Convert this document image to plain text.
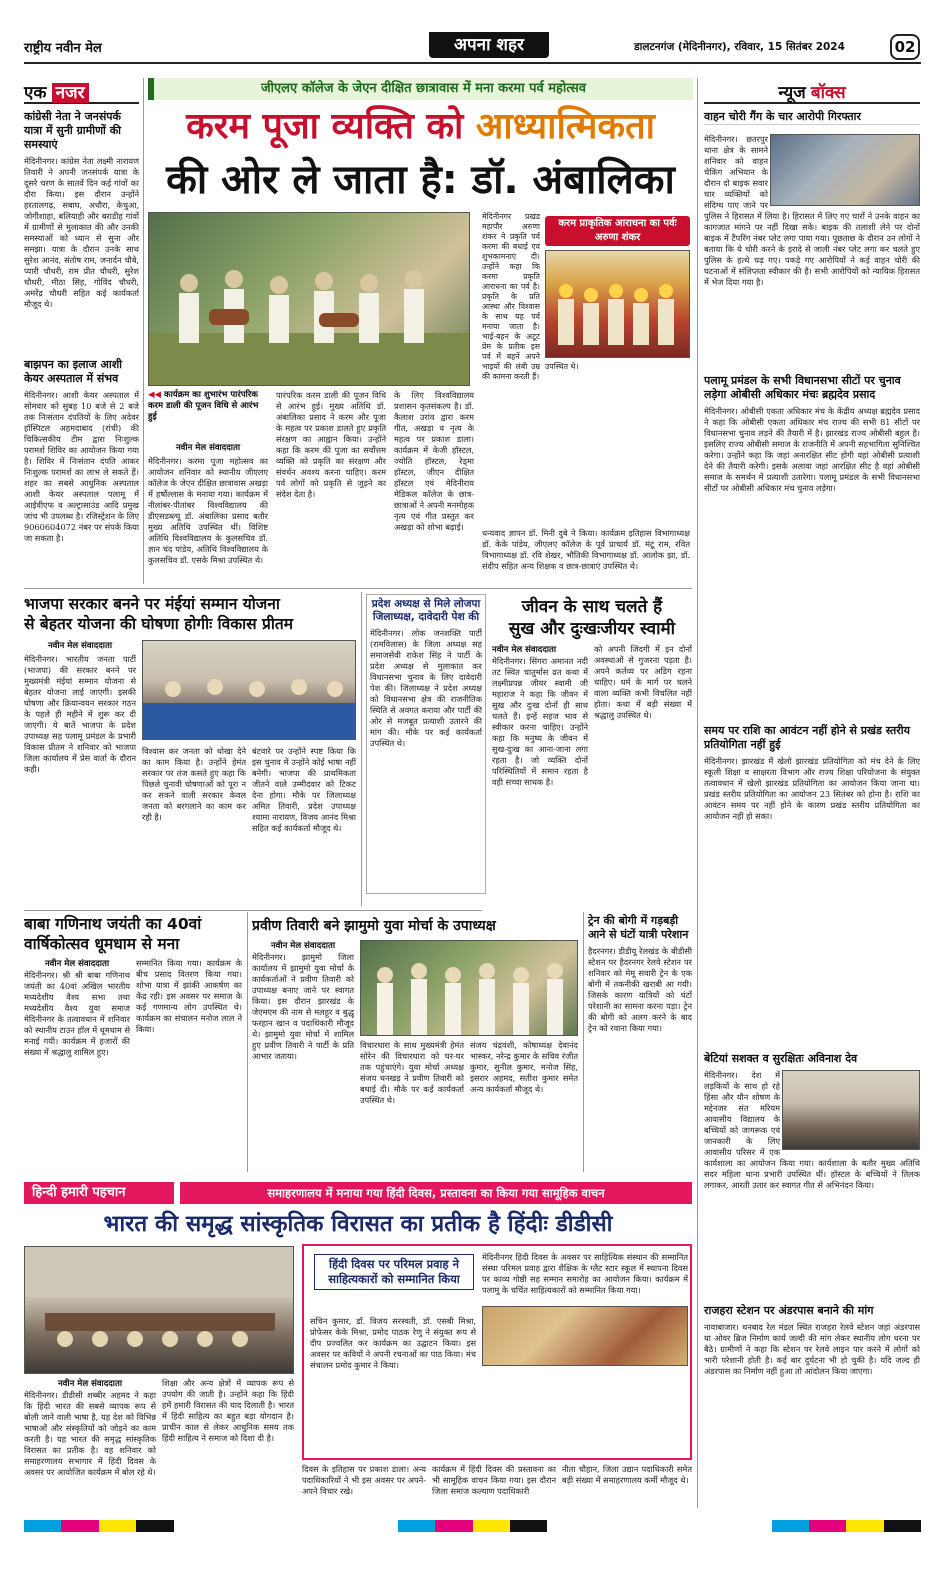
राष्ट्रीय नवीन मेल	अपना शहर	डालटनगंज (मेदिनीनगर), रविवार, 15 सितंबर 2024	02
एक नजर
कांग्रेसी नेता ने जनसंपर्क यात्रा में सुनी ग्रामीणों की समस्याएं
मेदिनीनगर। कांग्रेस नेता लक्ष्मी नारायण तिवारी ने अपनी जनसंपर्क यात्रा के दूसरे चरण के सातवें दिन कई गांवों का दौरा किया। इस दौरान उन्होंने हरतालगढ़, सबाघ, अधौरा, केचुआ, जोगीशाहा, बलियाही और बराडीह गांवों में ग्रामीणों से मुलाकात की और उनकी समस्याओं को ध्यान से सुना और समझा। यात्रा के दौरान उनके साथ सुरेश आनंद, संतोष राम, जनार्दन चौबे, प्यारी चौधरी, राम प्रीत चौधरी, सुरेश चौधरी, मीठा सिंह, गोविंद चौधरी, अमरेंद्र चौधरी सहित कई कार्यकर्ता मौजूद थे।
बाझपन का इलाज आशी केयर अस्पताल में संभव
मेदिनीनगर। आशी केयर अस्पताल में सोमवार को सुबह 10 बजे से 2 बजे तक निःसंतान दंपतियों के लिए अदेवर हॉस्पिटल अहमदाबाद (रांची) की चिकित्सकीय टीम द्वारा निःशुल्क परामर्श शिविर का आयोजन किया गया है। शिविर में निःसंतान दंपति आकर निःशुल्क परामर्श का लाभ ले सकते हैं। शहर का सबसे आधुनिक अस्पताल आशी केयर अस्पताल पलामू में आईवीएफ व अल्ट्रासाउंड आदि प्रमुख जांच भी उपलब्ध है। रजिस्ट्रेशन के लिए 9060604072 नंबर पर संपर्क किया जा सकता है।
जीएलए कॉलेज के जेएन दीक्षित छात्रावास में मना करमा पर्व महोत्सव
करम पूजा व्यक्ति को आध्यात्मिकता
की ओर ले जाता है: डॉ. अंबालिका
◀◀ कार्यक्रम का शुभारंभ पारंपरिक करम डाली की पूजन विधि से आरंभ हुई
नवीन मेल संवाददाता
मेदिनीनगर। करमा पूजा महोत्सव का आयोजन शनिवार को स्थानीय जीएलए कॉलेज के जेएन दीक्षित छात्रावास अखड़ा में हर्षोल्लास के मनाया गया। कार्यक्रम में नीलांबर-पीतांबर विश्वविद्यालय की डीएसडब्ल्यू डॉ. अंबालिका प्रसाद बतौर मुख्य अतिथि उपस्थित थीं। विशिष्ट अतिथि विश्वविद्यालय के कुलसचिव डॉ. ज्ञान चंद पांडेय, अतिथि विश्वविद्यालय के कुलसचिव डॉ. एसके मिश्रा उपस्थित थे।
पारंपरिक करम डाली की पूजन विधि से आरंभ हुई। मुख्य अतिथि डॉ. अंबालिका प्रसाद ने करम और पूजा के महत्व पर प्रकाश डालते हुए प्रकृति संरक्षण का आह्वान किया। उन्होंने कहा कि करम की पूजा का सर्वोत्तम व्यक्ति को प्रकृति का संरक्षण और संवर्धन अवश्य करना चाहिए। करम पर्व लोगों को प्रकृति से जुड़ने का संदेश देता है।
के लिए विश्वविद्यालय प्रशासन कृतसंकल्प है। डॉ. कैलाश उरांव द्वारा करम गीत, अखड़ा व नृत्य के महत्व पर प्रकाश डाला। कार्यक्रम में केजी हॉस्टल, ज्योति हॉस्टल, रेड्मा हॉस्टल, जीएन दीक्षित हॉस्टल एवं मेदिनीराय मेडिकल कॉलेज के छात्र-छात्राओं ने अपनी मनमोहक नृत्य एवं गीत प्रस्तुत कर अखड़ा को शोभा बढ़ाई।
मेदिनीनगर प्रखंड महापौर अरुणा शंकर ने प्रकृति पर्व करमा की बधाई एवं शुभकामनाएं दी। उन्होंने कहा कि करमा प्रकृति आराधना का पर्व है। प्रकृति के प्रति आस्था और विश्वास के साथ यह पर्व मनाया जाता है। भाई-बहन के अटूट प्रेम के प्रतीक इस पर्व में बहनें अपने भाइयों की लंबी उम्र की कामना करती हैं।
करम प्राकृतिक आराधना का पर्वः अरुणा शंकर
उपस्थित थे।
धन्यवाद ज्ञापन डॉ. मिनी दुबे ने किया। कार्यक्रम इतिहास विभागाध्यक्ष डॉ. केके पांडेय, जीएलए कॉलेज के पूर्व प्राचार्य डॉ. मंटू राम, रवित विभागाध्यक्ष डॉ. रवि शेखर, भौतिकी विभागाध्यक्ष डॉ. आलोक झा, डॉ. संदीप सहित अन्य शिक्षक व छात्र-छात्राएं उपस्थित थे।
न्यूज बॉक्स
वाहन चोरी गैंग के चार आरोपी गिरफ्तार
मेदिनीनगर। छतरपुर थाना क्षेत्र के सामने शनिवार को वाहन चेकिंग अभियान के दौरान दो बाइक सवार चार व्यक्तियों को संदिग्ध पाए जाने पर पुलिस ने हिरासत में लिया है। हिरासत में लिए गए चारों ने उनके वाहन का कागजात मांगने पर नहीं दिखा सके। बाइक की तलाशी लेने पर दोनों बाइक में टैंपरिंग नंबर प्लेट लगा पाया गया। पूछताछ के दौरान उन लोगों ने बताया कि ये चोरी करने के इरादे से जाली नंबर प्लेट लगा कर चलते हुए पुलिस के हत्थे चढ़ गए। पकड़े गए आरोपियों ने कई वाहन चोरी की घटनाओं में संलिप्तता स्वीकार की है। सभी आरोपियों को न्यायिक हिरासत में भेज दिया गया है।
पलामू प्रमंडल के सभी विधानसभा सीटों पर चुनाव लड़ेगा ओबीसी अधिकार मंचः ब्रह्मदेव प्रसाद
मेदिनीनगर। ओबीसी एकता अधिकार मंच के केंद्रीय अध्यक्ष ब्रह्मदेव प्रसाद ने कहा कि ओबीसी एकता अधिकार मंच राज्य की सभी 81 सीटों पर विधानसभा चुनाव लड़ने की तैयारी में है। झारखंड राज्य ओबीसी बहुल है। इसलिए राज्य ओबीसी समाज के राजनीति में अपनी सहभागिता सुनिश्चित करेगा। उन्होंने कहा कि जहां अनारक्षित सीट होगी वहां ओबीसी प्रत्याशी देने की तैयारी करेगी। इसके अलावा जहां आरक्षित सीट है वहां ओबीसी समाज के समर्थन में प्रत्याशी उतारेगा। पलामू प्रमंडल के सभी विधानसभा सीटों पर ओबीसी अधिकार मंच चुनाव लड़ेगा।
समय पर राशि का आवंटन नहीं होने से प्रखंड स्तरीय प्रतियोगिता नहीं हुई
मेदिनीनगर। झारखंड में खेलो झारखंड प्रतियोगिता को मंच देने के लिए स्कूली शिक्षा व साक्षरता विभाग और राज्य शिक्षा परियोजना के संयुक्त तत्वावधान में खेलो झारखंड प्रतियोगिता का आयोजन किया जाना था। प्रखंड स्तरीय प्रतियोगिता का आयोजन 23 सितंबर को होना है। राशि का आवंटन समय पर नहीं होने के कारण प्रखंड स्तरीय प्रतियोगिता का आयोजन नहीं हो सका।
बेटियां सशक्त व सुरक्षितः अविनाश देव
मेदिनीनगर। देश में लड़कियों के साथ हो रहे हिंसा और यौन शोषण के मद्देनजर संत मरियम आवासीय विद्यालय के बच्चियों को जागरूक एवं जानकारी के लिए आवासीय परिसर में एक कार्यशाला का आयोजन किया गया। कार्यशाला के बतौर मुख्य अतिथि सदर महिला थाना प्रभारी उपस्थित थीं। हॉस्टल के बच्चियों ने तिलक लगाकर, आरती उतार कर स्वागत गीत से अभिनंदन किया।
राजहरा स्टेशन पर अंडरपास बनाने की मांग
नावाबाजार। धनबाद रेल मंडल स्थित राजहरा रेलवे स्टेशन जहां अंडरपास या ओवर ब्रिज निर्माण कार्य जल्दी की मांग लेकर स्थानीय लोग धरना पर बैठे। ग्रामीणों ने कहा कि स्टेशन पर रेलवे लाइन पार करने में लोगों को भारी परेशानी होती है। कई बार दुर्घटना भी हो चुकी है। यदि जल्द ही अंडरपास का निर्माण नहीं हुआ तो आंदोलन किया जाएगा।
भाजपा सरकार बनने पर मंईयां सम्मान योजना
से बेहतर योजना की घोषणा होगीः विकास प्रीतम
नवीन मेल संवाददाता
मेदिनीनगर। भारतीय जनता पार्टी (भाजपा) की सरकार बनने पर मुख्यमंत्री मंईयां सम्मान योजना से बेहतर योजना लाई जाएगी। इसकी घोषणा और क्रियान्वयन सरकार गठन के पहले ही महीने में शुरू कर दी जाएगी। ये बातें भाजपा के प्रदेश उपाध्यक्ष सह पलामू प्रमंडल के प्रभारी विकास प्रीतम ने शनिवार को भाजपा जिला कार्यालय में प्रेस वार्ता के दौरान कही।
विश्वास कर जनता को धोखा देने का काम किया है। उन्होंने हेमंत सरकार पर तंज कसते हुए कहा कि पिछले चुनावी घोषणाओं को पूरा न कर सकने वाली सरकार केवल जनता को बरगलाने का काम कर रही है।
बंटवारे पर उन्होंने स्पष्ट किया कि इस चुनाव में उन्होंने कोई भाषा नहीं बनेगी। भाजपा की प्राथमिकता जीतने वाले उम्मीदवार को टिकट देना होगा। मौके पर जिलाध्यक्ष अमित तिवारी, प्रदेश उपाध्यक्ष श्यामा नारायण, विजय आनंद मिश्रा सहित कई कार्यकर्ता मौजूद थे।
प्रदेश अध्यक्ष से मिले लोजपा जिलाध्यक्ष, दावेदारी पेश की
मेदिनीनगर। लोक जनशक्ति पार्टी (रामविलास) के जिला अध्यक्ष सह समाजसेवी राकेश सिंह ने पार्टी के प्रदेश अध्यक्ष से मुलाकात कर विधानसभा चुनाव के लिए दावेदारी पेश की। जिलाध्यक्ष ने प्रदेश अध्यक्ष को विधानसभा क्षेत्र की राजनीतिक स्थिति से अवगत कराया और पार्टी की ओर से मजबूत प्रत्याशी उतारने की मांग की। मौके पर कई कार्यकर्ता उपस्थित थे।
जीवन के साथ चलते हैं
सुख और दुःखःजीयर स्वामी
नवीन मेल संवाददाता
मेदिनीनगर। सिंगरा अमानत नदी तट स्थित चातुर्मास व्रत कथा में लक्ष्मीप्रपन्न जीयर स्वामी जी महाराज ने कहा कि जीवन में सुख और दुःख दोनों ही साथ चलते हैं। इन्हें सहज भाव से स्वीकार करना चाहिए। उन्होंने कहा कि मनुष्य के जीवन में सुख-दुःख का आना-जाना लगा रहता है। जो व्यक्ति दोनों परिस्थितियों में समान रहता है वही सच्चा साधक है।
को अपनी जिंदगी में इन दोनों अवस्थाओं से गुजरना पड़ता है। अपने कर्तव्य पर अडिग रहना चाहिए। धर्म के मार्ग पर चलने वाला व्यक्ति कभी विचलित नहीं होता। कथा में बड़ी संख्या में श्रद्धालु उपस्थित थे।
बाबा गणिनाथ जयंती का 40वां
वार्षिकोत्सव धूमधाम से मना
नवीन मेल संवाददाता
मेदिनीनगर। श्री श्री बाबा गणिनाथ जयंती का 40वां अखिल भारतीय मध्यदेशीय वैश्य सभा तथा मध्यदेशीय वैश्य युवा समाज मेदिनीनगर के तत्वावधान में शनिवार को स्थानीय टाउन हॉल में धूमधाम से मनाई गयी। कार्यक्रम में हजारों की संख्या में श्रद्धालु शामिल हुए।
सम्मानित किया गया। कार्यक्रम के बीच प्रसाद वितरण किया गया। शोभा यात्रा में झांकी आकर्षण का केंद्र रही। इस अवसर पर समाज के कई गणमान्य लोग उपस्थित थे। कार्यक्रम का संचालन मनोज लाल ने किया।
प्रवीण तिवारी बने झामुमो युवा मोर्चा के उपाध्यक्ष
नवीन मेल संवाददाता
मेदिनीनगर। झामुमो जिला कार्यालय में झामुमो युवा मोर्चा के कार्यकर्ताओं ने प्रवीण तिवारी को उपाध्यक्ष बनाए जाने पर स्वागत किया। इस दौरान झारखंड के जेएमएम की नाम से मलहूर व बुद्धू फरहान खान व पदाधिकारी मौजूद थे। झामुमो युवा मोर्चा में शामिल हुए प्रवीण तिवारी ने पार्टी के प्रति आभार जताया।
विचारधारा के साथ मुख्यमंत्री हेमंत सोरेन की विचारधारा को घर-घर तक पहुंचाएंगे। युवा मोर्चा अध्यक्ष संजय धनखड़ ने प्रवीण तिवारी को बधाई दी। मौके पर कई कार्यकर्ता उपस्थित थे।
संजय चंद्रवंशी, कोषाध्यक्ष देवानंद भास्कर, नरेन्द्र कुमार के सचिव रंजीत कुमार, सुनील कुमार, मनोज सिंह, इसरार अहमद, सतीश कुमार समेत अन्य कार्यकर्ता मौजूद थे।
ट्रेन की बोगी में गड़बड़ी आने से घंटों यात्री परेशान
हैदरनगर। डीडीयू रेलखंड के बीडीसी स्टेशन पर हैदरनगर रेलवे स्टेशन पर शनिवार को मेमू सवारी ट्रेन के एक बोगी में तकनीकी खराबी आ गयी। जिसके कारण यात्रियों को घंटों परेशानी का सामना करना पड़ा। ट्रेन की बोगी को अलग करने के बाद ट्रेन को रवाना किया गया।
हिन्दी हमारी पहचान	समाहरणालय में मनाया गया हिंदी दिवस, प्रस्तावना का किया गया सामूहिक वाचन
भारत की समृद्ध सांस्कृतिक विरासत का प्रतीक है हिंदीः डीडीसी
नवीन मेल संवाददाता
मेदिनीनगर। डीडीसी शब्बीर अहमद ने कहा कि हिंदी भारत की सबसे व्यापक रूप से बोली जाने वाली भाषा है, यह देश को विभिन्न भाषाओं और संस्कृतियों को जोड़ने का काम करती है। यह भारत की समृद्ध सांस्कृतिक विरासत का प्रतीक है। वह शनिवार को समाहरणालय सभागार में हिंदी दिवस के अवसर पर आयोजित कार्यक्रम में बोल रहे थे।
शिक्षा और अन्य क्षेत्रों में व्यापक रूप से उपयोग की जाती है। उन्होंने कहा कि हिंदी हमें हमारी विरासत की याद दिलाती है। भारत में हिंदी साहित्य का बहुत बड़ा योगदान है। प्राचीन काल से लेकर आधुनिक समय तक हिंदी साहित्य ने समाज को दिशा दी है।
हिंदी दिवस पर परिमल प्रवाह ने साहित्यकारों को सम्मानित किया
मेदिनीनगर हिंदी दिवस के अवसर पर साहित्यिक संस्थान की सम्मानित संस्था परिमल प्रवाह द्वारा शैक्षिक के ग्लैट स्टार स्कूल में स्थापना दिवस पर काव्य गोष्ठी सह सम्मान समारोह का आयोजन किया। कार्यक्रम में पलामू के चर्चित साहित्यकारों को सम्मानित किया गया।
सचिन कुमार, डॉ. विजय सरस्वती, डॉ. एसबी मिश्रा, प्रोफेसर केके मिश्रा, प्रमोद पाठक रेणु ने संयुक्त रूप से दीप प्रज्वलित कर कार्यक्रम का उद्घाटन किया। इस अवसर पर कवियों ने अपनी रचनाओं का पाठ किया। मंच संचालन प्रमोद कुमार ने किया।
दिवस के इतिहास पर प्रकाश डाला। अन्य पदाधिकारियों ने भी इस अवसर पर अपने-अपने विचार रखे।
कार्यक्रम में हिंदी दिवस की प्रस्तावना का भी सामूहिक वाचन किया गया। इस दौरान जिला समाज कल्याण पदाधिकारी
नीता चौहान, जिला उद्यान पदाधिकारी समेत बड़ी संख्या में समाहरणालय कर्मी मौजूद थे।
